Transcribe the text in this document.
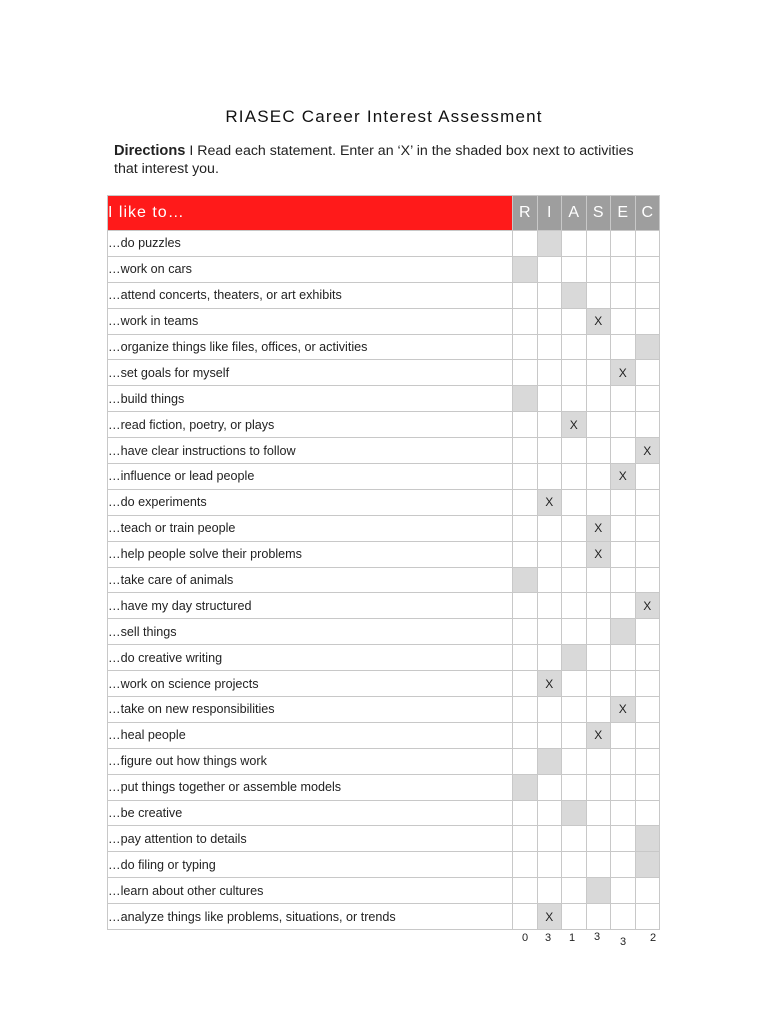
RIASEC Career Interest Assessment
Directions I Read each statement. Enter an ‘X’ in the shaded box next to activities that interest you.
I like to…	R	I	A	S	E	C
…do puzzles						
…work on cars						
…attend concerts, theaters, or art exhibits						
…work in teams				X		
…organize things like files, offices, or activities						
…set goals for myself					X	
…build things						
…read fiction, poetry, or plays			X			
…have clear instructions to follow						X
…influence or lead people					X	
…do experiments		X				
…teach or train people				X		
…help people solve their problems				X		
…take care of animals						
…have my day structured						X
…sell things						
…do creative writing						
…work on science projects		X				
…take on new responsibilities					X	
…heal people				X		
…figure out how things work						
…put things together or assemble models						
…be creative						
…pay attention to details						
…do filing or typing						
…learn about other cultures						
…analyze things like problems, situations, or trends		X				
0	3	1	3	3	2
